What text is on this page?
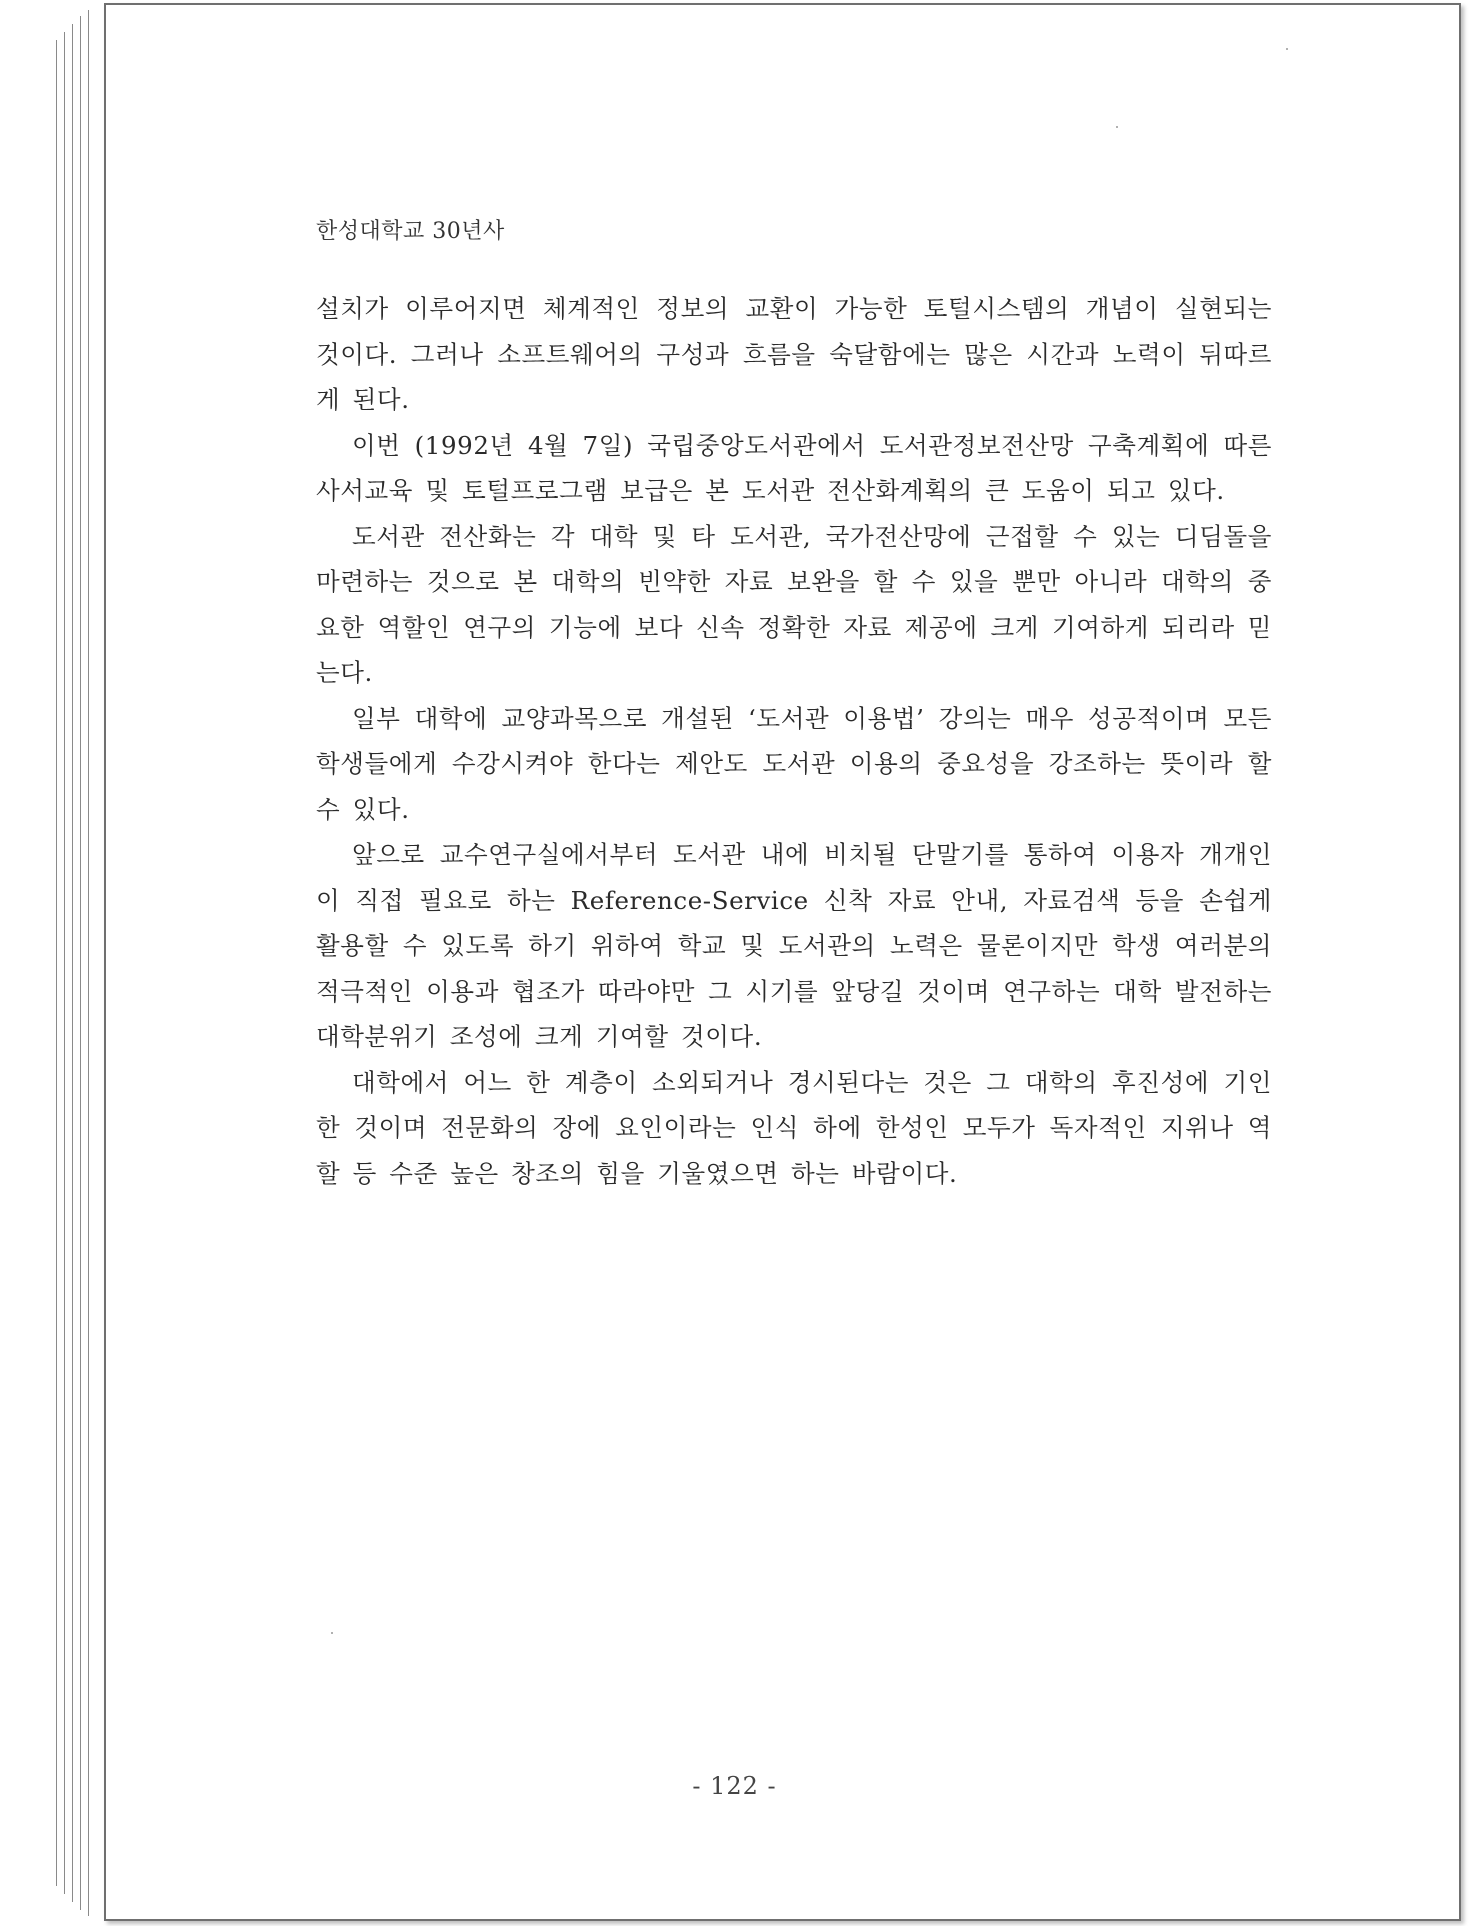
한성대학교 30년사

설치가 이루어지면 체계적인 정보의 교환이 가능한 토털시스템의 개념이 실현되는 것이다. 그러나 소프트웨어의 구성과 흐름을 숙달함에는 많은 시간과 노력이 뒤따르게 된다.

이번 (1992년 4월 7일) 국립중앙도서관에서 도서관정보전산망 구축계획에 따른 사서교육 및 토털프로그램 보급은 본 도서관 전산화계획의 큰 도움이 되고 있다.

도서관 전산화는 각 대학 및 타 도서관, 국가전산망에 근접할 수 있는 디딤돌을 마련하는 것으로 본 대학의 빈약한 자료 보완을 할 수 있을 뿐만 아니라 대학의 중요한 역할인 연구의 기능에 보다 신속 정확한 자료 제공에 크게 기여하게 되리라 믿는다.

일부 대학에 교양과목으로 개설된 ‘도서관 이용법’ 강의는 매우 성공적이며 모든 학생들에게 수강시켜야 한다는 제안도 도서관 이용의 중요성을 강조하는 뜻이라 할 수 있다.

앞으로 교수연구실에서부터 도서관 내에 비치될 단말기를 통하여 이용자 개개인이 직접 필요로 하는 Reference-Service 신착 자료 안내, 자료검색 등을 손쉽게 활용할 수 있도록 하기 위하여 학교 및 도서관의 노력은 물론이지만 학생 여러분의 적극적인 이용과 협조가 따라야만 그 시기를 앞당길 것이며 연구하는 대학 발전하는 대학분위기 조성에 크게 기여할 것이다.

대학에서 어느 한 계층이 소외되거나 경시된다는 것은 그 대학의 후진성에 기인한 것이며 전문화의 장에 요인이라는 인식 하에 한성인 모두가 독자적인 지위나 역할 등 수준 높은 창조의 힘을 기울였으면 하는 바람이다.

- 122 -
